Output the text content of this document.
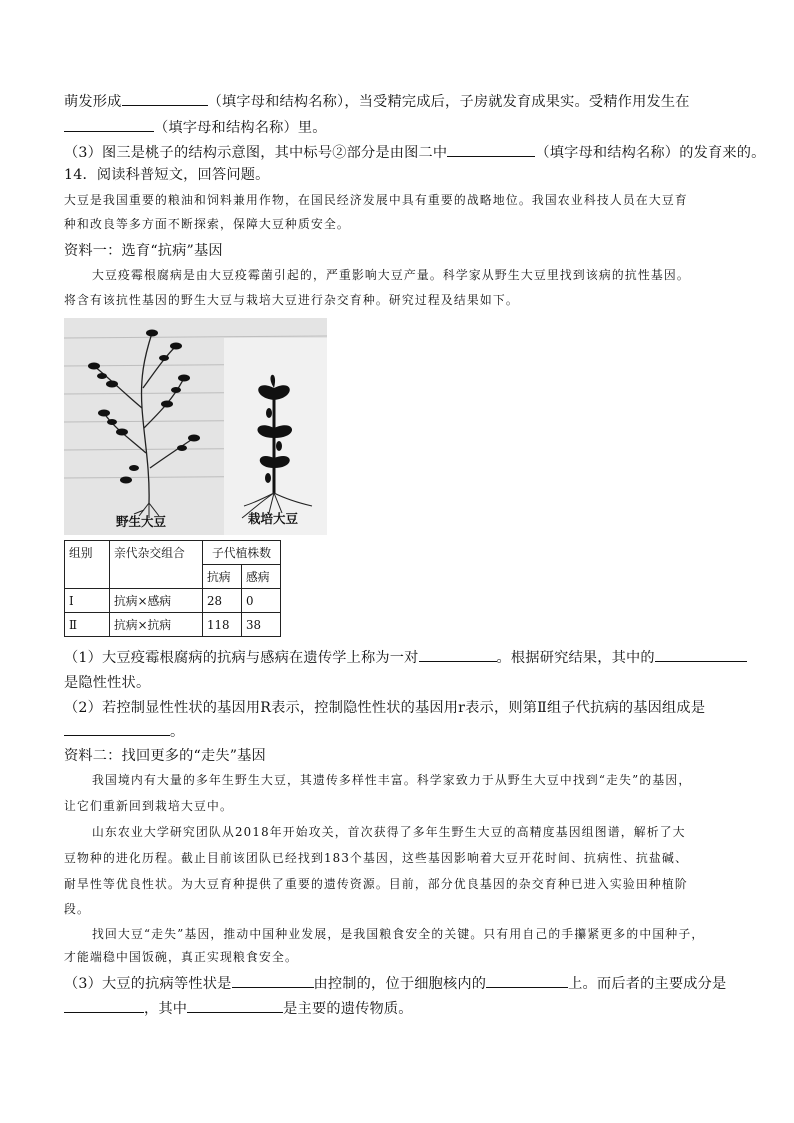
萌发形成	（填字母和结构名称），当受精完成后，子房就发育成果实。受精作用发生在
（填字母和结构名称）里。
（3）图三是桃子的结构示意图，其中标号②部分是由图二中	（填字母和结构名称）的发育来的。
14．阅读科普短文，回答问题。
大豆是我国重要的粮油和饲料兼用作物，在国民经济发展中具有重要的战略地位。我国农业科技人员在大豆育
种和改良等多方面不断探索，保障大豆种质安全。
资料一：选育“抗病”基因
大豆疫霉根腐病是由大豆疫霉菌引起的，严重影响大豆产量。科学家从野生大豆里找到该病的抗性基因。
将含有该抗性基因的野生大豆与栽培大豆进行杂交育种。研究过程及结果如下。
野生大豆	栽培大豆
组别	亲代杂交组合	子代植株数	
		抗病	感病
Ⅰ	抗病×感病	28	0
Ⅱ	抗病×抗病	118	38
（1）大豆疫霉根腐病的抗病与感病在遗传学上称为一对	。根据研究结果，其中的
是隐性性状。
（2）若控制显性性状的基因用R表示，控制隐性性状的基因用r表示，则第Ⅱ组子代抗病的基因组成是
。
资料二：找回更多的“走失”基因
我国境内有大量的多年生野生大豆，其遗传多样性丰富。科学家致力于从野生大豆中找到“走失”的基因，
让它们重新回到栽培大豆中。
山东农业大学研究团队从2018年开始攻关，首次获得了多年生野生大豆的高精度基因组图谱，解析了大
豆物种的进化历程。截止目前该团队已经找到183个基因，这些基因影响着大豆开花时间、抗病性、抗盐碱、
耐旱性等优良性状。为大豆育种提供了重要的遗传资源。目前，部分优良基因的杂交育种已进入实验田种植阶
段。
找回大豆“走失”基因，推动中国种业发展，是我国粮食安全的关键。只有用自己的手攥紧更多的中国种子，
才能端稳中国饭碗，真正实现粮食安全。
（3）大豆的抗病等性状是	由控制的，位于细胞核内的	上。而后者的主要成分是
，其中	是主要的遗传物质。
